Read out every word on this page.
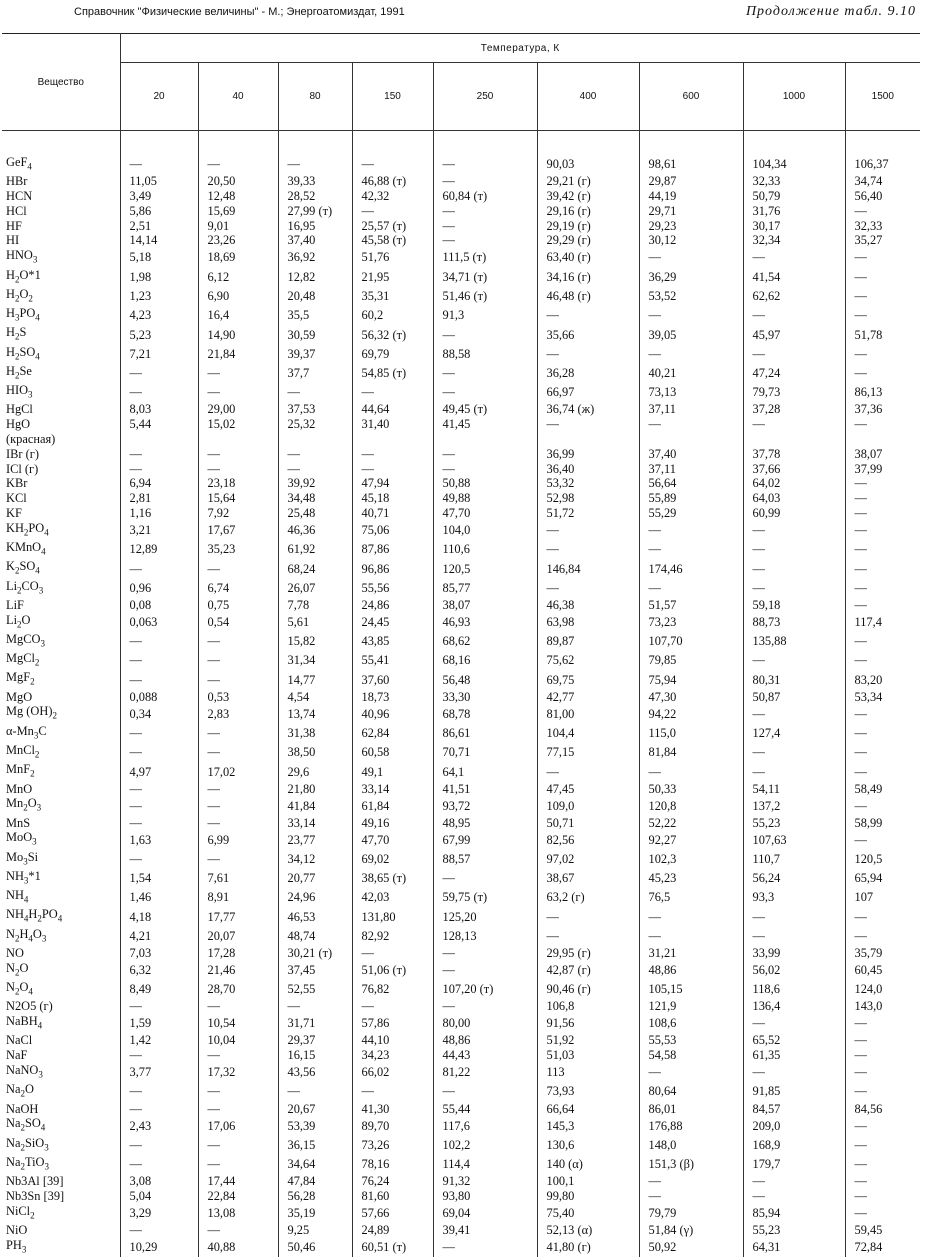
Справочник "Физические величины" - М.; Энергоатомиздат, 1991	Продолжение табл. 9.10
Вещество	Температура, К								
	20	40	80	150	250	400	600	1000	1500
GeF$_4$	—	—	—	—	—	90,03	98,61	104,34	106,37
HBr	11,05	20,50	39,33	46,88 (т)	—	29,21 (г)	29,87	32,33	34,74
HCN	3,49	12,48	28,52	42,32	60,84 (т)	39,42 (г)	44,19	50,79	56,40
HCl	5,86	15,69	27,99 (т)	—	—	29,16 (г)	29,71	31,76	—
HF	2,51	9,01	16,95	25,57 (т)	—	29,19 (г)	29,23	30,17	32,33
HI	14,14	23,26	37,40	45,58 (т)	—	29,29 (г)	30,12	32,34	35,27
$HNO_3$	5,18	18,69	36,92	51,76	111,5 (т)	63,40 (г)	—	—	—
$H_2O*1$	1,98	6,12	12,82	21,95	34,71 (т)	34,16 (г)	36,29	41,54	—
$H_2O_2$	1,23	6,90	20,48	35,31	51,46 (т)	46,48 (г)	53,52	62,62	—
$H_3PO_4$	4,23	16,4	35,5	60,2	91,3	—	—	—	—
$H_2S$	5,23	14,90	30,59	56,32 (т)	—	35,66	39,05	45,97	51,78
$H_2SO_4$	7,21	21,84	39,37	69,79	88,58	—	—	—	—
$H_2Se$	—	—	37,7	54,85 (т)	—	36,28	40,21	47,24	—
$HIO_3$	—	—	—	—	—	66,97	73,13	79,73	86,13
HgCl	8,03	29,00	37,53	44,64	49,45 (т)	36,74 (ж)	37,11	37,28	37,36
HgO	5,44	15,02	25,32	31,40	41,45	—	—	—	—
(красная)									
IBr (г)	—	—	—	—	—	36,99	37,40	37,78	38,07
ICl (г)	—	—	—	—	—	36,40	37,11	37,66	37,99
KBr	6,94	23,18	39,92	47,94	50,88	53,32	56,64	64,02	—
KCl	2,81	15,64	34,48	45,18	49,88	52,98	55,89	64,03	—
KF	1,16	7,92	25,48	40,71	47,70	51,72	55,29	60,99	—
$KH_2PO_4$	3,21	17,67	46,36	75,06	104,0	—	—	—	—
KMnO$_4$	12,89	35,23	61,92	87,86	110,6	—	—	—	—
$K_2SO_4$	—	—	68,24	96,86	120,5	146,84	174,46	—	—
$Li_2CO_3$	0,96	6,74	26,07	55,56	85,77	—	—	—	—
LiF	0,08	0,75	7,78	24,86	38,07	46,38	51,57	59,18	—
$Li_2O$	0,063	0,54	5,61	24,45	46,93	63,98	73,23	88,73	117,4
MgCO$_3$	—	—	15,82	43,85	68,62	89,87	107,70	135,88	—
MgCl$_2$	—	—	31,34	55,41	68,16	75,62	79,85	—	—
MgF$_2$	—	—	14,77	37,60	56,48	69,75	75,94	80,31	83,20
MgO	0,088	0,53	4,54	18,73	33,30	42,77	47,30	50,87	53,34
Mg $(OH)_2$	0,34	2,83	13,74	40,96	68,78	81,00	94,22	—	—
$\alpha-Mn_3C$	—	—	31,38	62,84	86,61	104,4	115,0	127,4	—
MnCl$_2$	—	—	38,50	60,58	70,71	77,15	81,84	—	—
MnF$_2$	4,97	17,02	29,6	49,1	64,1	—	—	—	—
MnO	—	—	21,80	33,14	41,51	47,45	50,33	54,11	58,49
$Mn_2O_3$	—	—	41,84	61,84	93,72	109,0	120,8	137,2	—
MnS	—	—	33,14	49,16	48,95	50,71	52,22	55,23	58,99
MoO$_3$	1,63	6,99	23,77	47,70	67,99	82,56	92,27	107,63	—
$Mo_3Si$	—	—	34,12	69,02	88,57	97,02	102,3	110,7	120,5
$NH_3*1$	1,54	7,61	20,77	38,65 (т)	—	38,67	45,23	56,24	65,94
$NH_4$	1,46	8,91	24,96	42,03	59,75 (т)	63,2 (г)	76,5	93,3	107
$NH_4H_2PO_4$	4,18	17,77	46,53	131,80	125,20	—	—	—	—
$N_2H_4O_3$	4,21	20,07	48,74	82,92	128,13	—	—	—	—
NO	7,03	17,28	30,21 (т)	—	—	29,95 (г)	31,21	33,99	35,79
$N_2O$	6,32	21,46	37,45	51,06 (т)	—	42,87 (г)	48,86	56,02	60,45
$N_2O_4$	8,49	28,70	52,55	76,82	107,20 (т)	90,46 (г)	105,15	118,6	124,0
N2O5 (г)	—	—	—	—	—	106,8	121,9	136,4	143,0
NaBH$_4$	1,59	10,54	31,71	57,86	80,00	91,56	108,6	—	—
NaCl	1,42	10,04	29,37	44,10	48,86	51,92	55,53	65,52	—
NaF	—	—	16,15	34,23	44,43	51,03	54,58	61,35	—
NaNO$_3$	3,77	17,32	43,56	66,02	81,22	113	—	—	—
$Na_2O$	—	—	—	—	—	73,93	80,64	91,85	—
NaOH	—	—	20,67	41,30	55,44	66,64	86,01	84,57	84,56
$Na_2SO_4$	2,43	17,06	53,39	89,70	117,6	145,3	176,88	209,0	—
$Na_2SiO_3$	—	—	36,15	73,26	102,2	130,6	148,0	168,9	—
$Na_2TiO_3$	—	—	34,64	78,16	114,4	140 (α)	151,3 (β)	179,7	—
Nb3Al [39]	3,08	17,44	47,84	76,24	91,32	100,1	—	—	—
Nb3Sn [39]	5,04	22,84	56,28	81,60	93,80	99,80	—	—	—
NiCl$_2$	3,29	13,08	35,19	57,66	69,04	75,40	79,79	85,94	—
NiO	—	—	9,25	24,89	39,41	52,13 (α)	51,84 (γ)	55,23	59,45
$PH_3$	10,29	40,88	50,46	60,51 (т)	—	41,80 (г)	50,92	64,31	72,84
